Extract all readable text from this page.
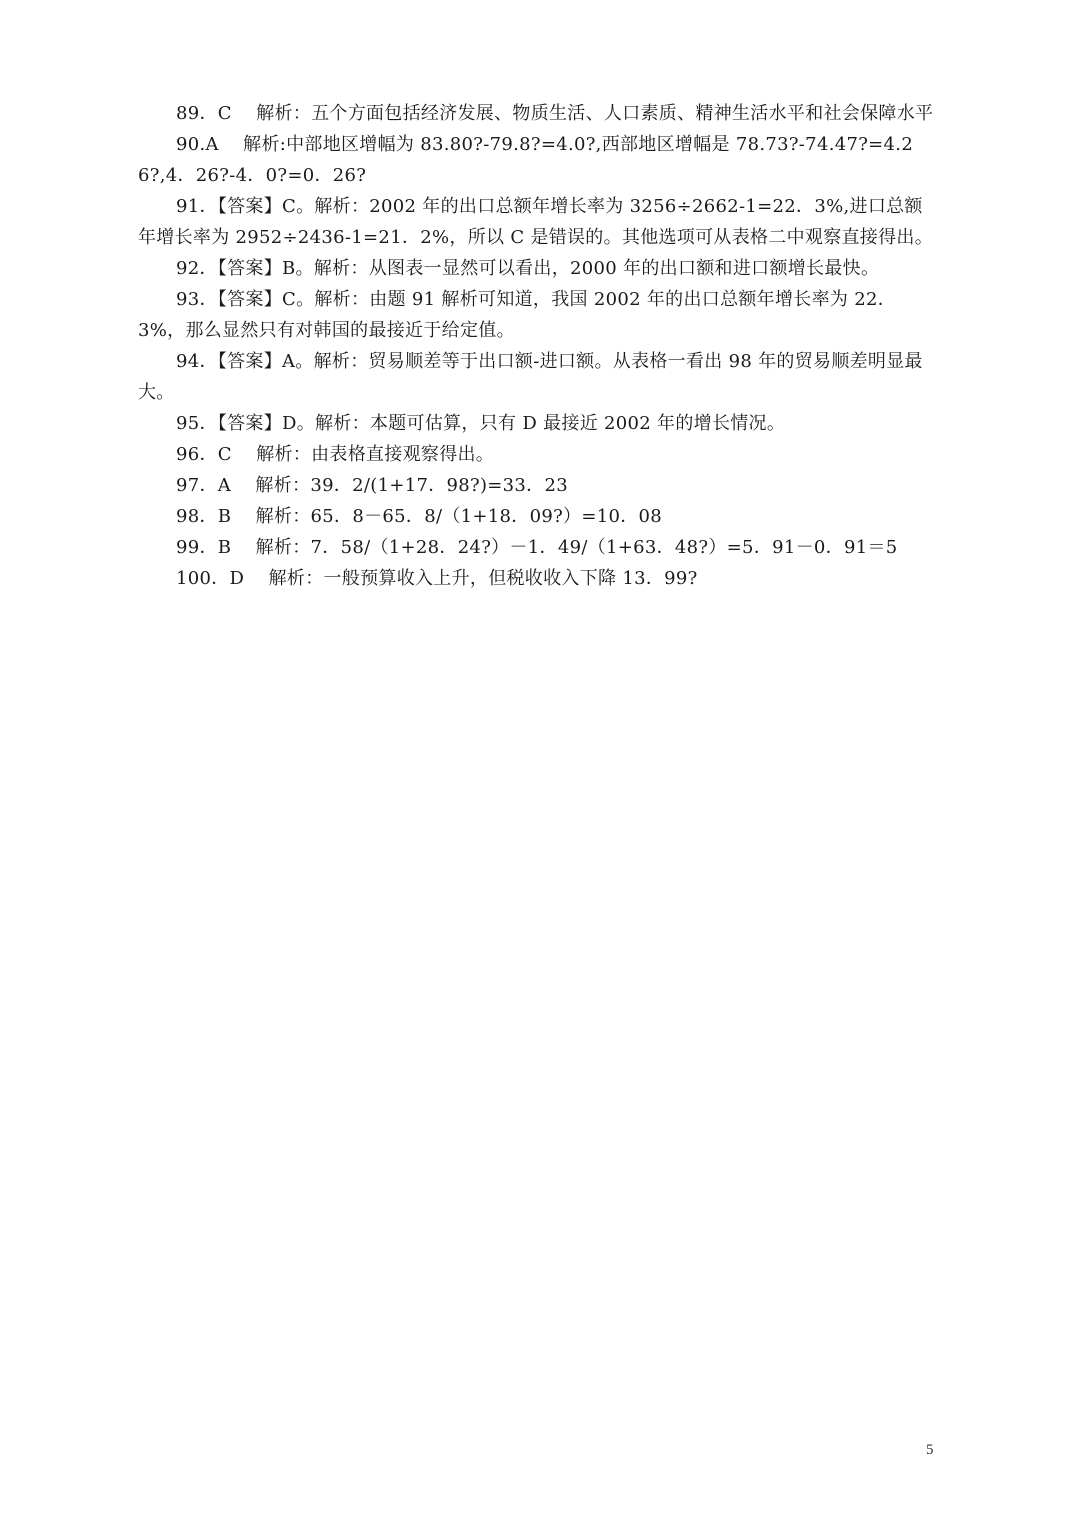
89．C　 解析：五个方面包括经济发展、物质生活、人口素质、精神生活水平和社会保障水平

90.A　 解析:中部地区增幅为 83.80?-79.8?=4.0?,西部地区增幅是 78.73?-74.47?=4.26?,4．26?-4．0?=0．26?

91．【答案】C。解析：2002 年的出口总额年增长率为 3256÷2662-1=22．3%,进口总额年增长率为 2952÷2436-1=21．2%，所以 C 是错误的。其他选项可从表格二中观察直接得出。

92．【答案】B。解析：从图表一显然可以看出，2000 年的出口额和进口额增长最快。

93．【答案】C。解析：由题 91 解析可知道，我国 2002 年的出口总额年增长率为 22．3%，那么显然只有对韩国的最接近于给定值。

94．【答案】A。解析：贸易顺差等于出口额-进口额。从表格一看出 98 年的贸易顺差明显最大。

95．【答案】D。解析：本题可估算，只有 D 最接近 2002 年的增长情况。

96．C　 解析：由表格直接观察得出。

97．A　 解析：39．2/(1+17．98?)=33．23

98．B　 解析：65．8－65．8/（1+18．09?）=10．08

99．B　 解析：7．58/（1+28．24?）－1．49/（1+63．48?）=5．91－0．91＝5

100．D　 解析：一般预算收入上升，但税收收入下降 13．99?

5
